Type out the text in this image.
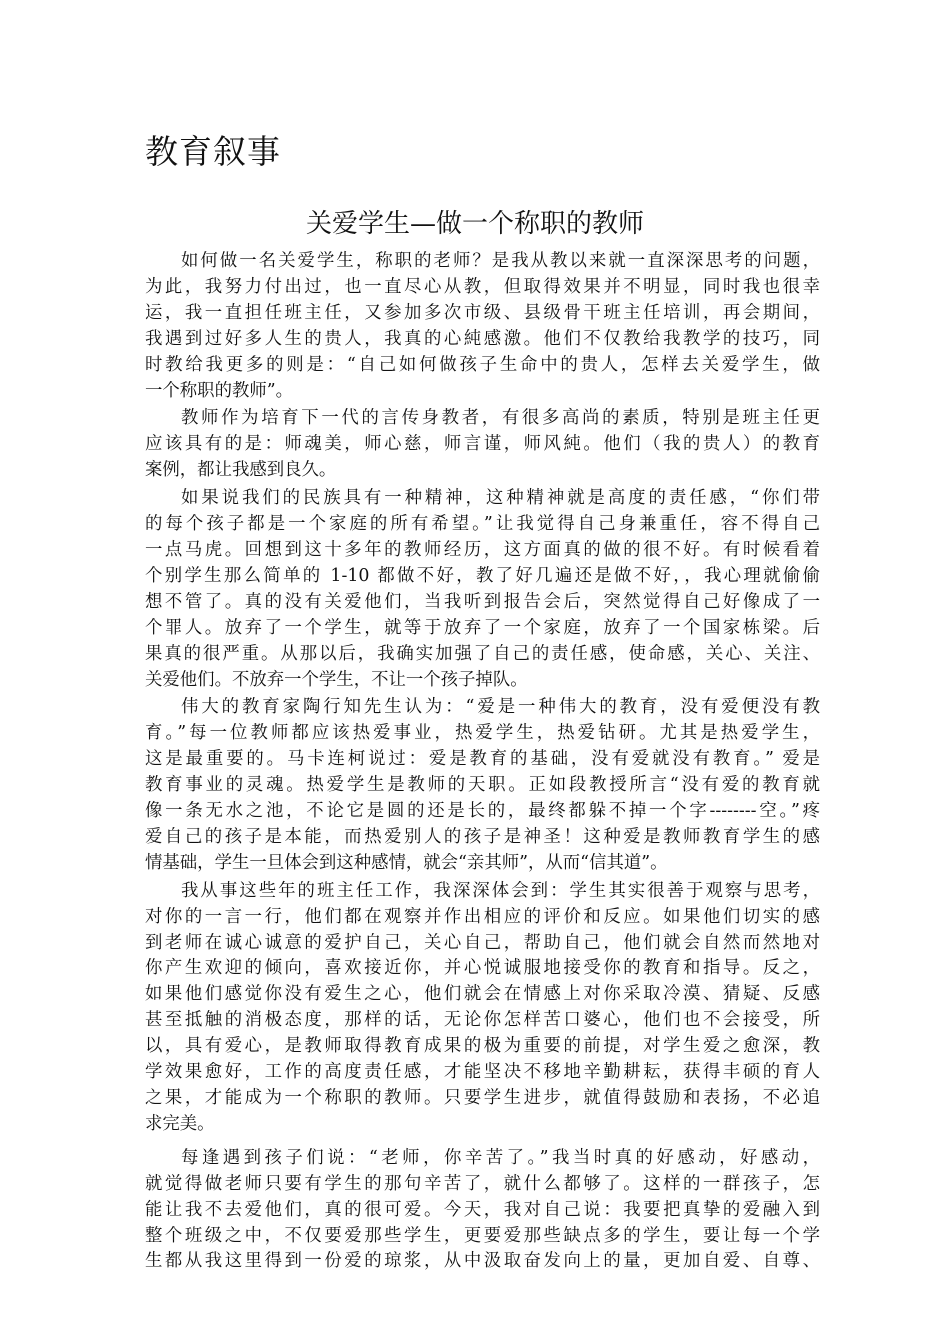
教育叙事
关爱学生—做一个称职的教师
如何做一名关爱学生，称职的老师？是我从教以来就一直深深思考的问题，
为此，我努力付出过，也一直尽心从教，但取得效果并不明显，同时我也很幸
运，我一直担任班主任，又参加多次市级、县级骨干班主任培训，再会期间，
我遇到过好多人生的贵人，我真的心純感激。他们不仅教给我教学的技巧，同
时教给我更多的则是：“自己如何做孩子生命中的贵人，怎样去关爱学生，做
一个称职的教师”。
教师作为培育下一代的言传身教者，有很多高尚的素质，特别是班主任更
应该具有的是：师魂美，师心慈，师言谨，师风純。他们（我的贵人）的教育
案例，都让我感到良久。
如果说我们的民族具有一种精神，这种精神就是高度的责任感，“你们带
的每个孩子都是一个家庭的所有希望。”让我觉得自己身兼重任，容不得自己
一点马虎。回想到这十多年的教师经历，这方面真的做的很不好。有时候看着
个别学生那么简单的 1-10 都做不好，教了好几遍还是做不好，，我心理就偷偷
想不管了。真的没有关爱他们，当我听到报告会后，突然觉得自己好像成了一
个罪人。放弃了一个学生，就等于放弃了一个家庭，放弃了一个国家栋梁。后
果真的很严重。从那以后，我确实加强了自己的责任感，使命感，关心、关注、
关爱他们。不放弃一个学生，不让一个孩子掉队。
伟大的教育家陶行知先生认为：“爱是一种伟大的教育，没有爱便没有教
育。”每一位教师都应该热爱事业，热爱学生，热爱钻研。尤其是热爱学生，
这是最重要的。马卡连柯说过：爱是教育的基础，没有爱就没有教育。” 爱是
教育事业的灵魂。热爱学生是教师的天职。正如段教授所言“没有爱的教育就
像一条无水之池，不论它是圆的还是长的，最终都躲不掉一个字--------空。”疼
爱自己的孩子是本能，而热爱别人的孩子是神圣！这种爱是教师教育学生的感
情基础，学生一旦体会到这种感情，就会“亲其师”，从而“信其道”。
我从事这些年的班主任工作，我深深体会到：学生其实很善于观察与思考，
对你的一言一行，他们都在观察并作出相应的评价和反应。如果他们切实的感
到老师在诚心诚意的爱护自己，关心自己，帮助自己，他们就会自然而然地对
你产生欢迎的倾向，喜欢接近你，并心悦诚服地接受你的教育和指导。反之，
如果他们感觉你没有爱生之心，他们就会在情感上对你采取冷漠、猜疑、反感
甚至抵触的消极态度，那样的话，无论你怎样苦口婆心，他们也不会接受，所
以，具有爱心，是教师取得教育成果的极为重要的前提，对学生爱之愈深，教
学效果愈好，工作的高度责任感，才能坚决不移地辛勤耕耘，获得丰硕的育人
之果，才能成为一个称职的教师。只要学生进步，就值得鼓励和表扬，不必追
求完美。
每逢遇到孩子们说：“老师，你辛苦了。”我当时真的好感动，好感动，
就觉得做老师只要有学生的那句辛苦了，就什么都够了。这样的一群孩子，怎
能让我不去爱他们，真的很可爱。今天，我对自己说：我要把真挚的爱融入到
整个班级之中，不仅要爱那些学生，更要爱那些缺点多的学生，要让每一个学
生都从我这里得到一份爱的琼浆，从中汲取奋发向上的量，更加自爱、自尊、
